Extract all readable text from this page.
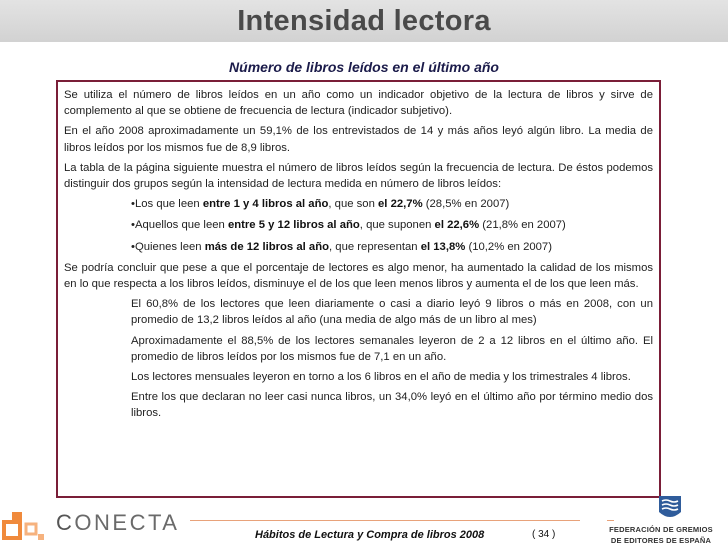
Intensidad lectora
Número de libros leídos en el último año

Se utiliza el número de libros leídos en un año como un indicador objetivo de la lectura de libros y sirve de complemento al que se obtiene de frecuencia de lectura (indicador subjetivo).

En el año 2008 aproximadamente un 59,1% de los entrevistados de 14 y más años leyó algún libro. La media de libros leídos por los mismos fue de 8,9 libros.

La tabla de la página siguiente muestra el número de libros leídos según la frecuencia de lectura. De éstos podemos distinguir dos grupos según la intensidad de lectura medida en número de libros leídos:

•Los que leen entre 1 y 4 libros al año, que son el 22,7% (28,5% en 2007)

•Aquellos que leen entre 5 y 12 libros al año, que suponen el 22,6% (21,8% en 2007)

•Quienes leen más de 12 libros al año, que representan el 13,8% (10,2% en 2007)

Se podría concluir que pese a que el porcentaje de lectores es algo menor, ha aumentado la calidad de los mismos en lo que respecta a los libros leídos, disminuye el de los que leen menos libros y aumenta el de los que leen más.

El 60,8% de los lectores que leen diariamente o casi a diario leyó 9 libros o más en 2008, con un promedio de 13,2 libros leídos al año (una media de algo más de un libro al mes)

Aproximadamente el 88,5% de los lectores semanales leyeron de 2 a 12 libros en el último año. El promedio de libros leídos por los mismos fue de 7,1 en un año.

Los lectores mensuales leyeron en torno a los 6 libros en el año de media y los trimestrales 4 libros.

Entre los que declaran no leer casi nunca libros, un 34,0% leyó en el último año por término medio dos libros.

CONECTA	Hábitos de Lectura y Compra de libros 2008	( 34 )	FEDERACIÓN DE GREMIOS
DE EDITORES DE ESPAÑA
